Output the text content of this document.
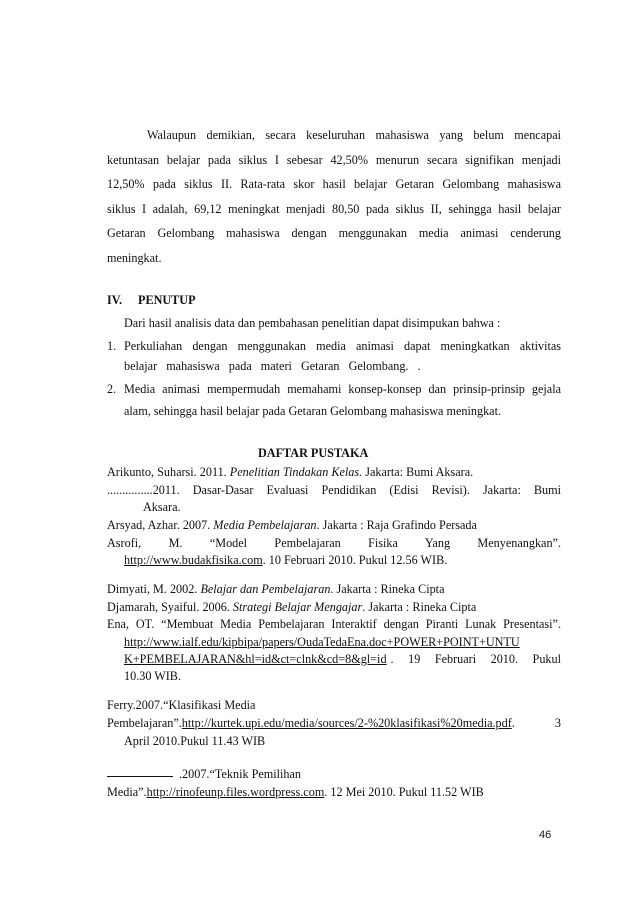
Walaupun demikian, secara keseluruhan mahasiswa yang belum mencapai
ketuntasan belajar pada siklus I sebesar 42,50% menurun secara signifikan menjadi
12,50% pada siklus II. Rata-rata skor hasil belajar Getaran Gelombang mahasiswa
siklus I adalah, 69,12 meningkat menjadi 80,50 pada siklus II, sehingga hasil belajar
Getaran Gelombang mahasiswa dengan menggunakan media animasi cenderung
meningkat.
IV. PENUTUP
Dari hasil analisis data dan pembahasan penelitian dapat disimpukan bahwa :
1. Perkuliahan dengan menggunakan media animasi dapat meningkatkan aktivitas
belajar mahasiswa pada materi Getaran Gelombang. .
2. Media animasi mempermudah memahami konsep-konsep dan prinsip-prinsip gejala
alam, sehingga hasil belajar pada Getaran Gelombang mahasiswa meningkat.
DAFTAR PUSTAKA
Arikunto, Suharsi. 2011. Penelitian Tindakan Kelas. Jakarta: Bumi Aksara.
...............2011. Dasar-Dasar Evaluasi Pendidikan (Edisi Revisi). Jakarta: Bumi
Aksara.
Arsyad, Azhar. 2007. Media Pembelajaran. Jakarta : Raja Grafindo Persada
Asrofi, M. “Model Pembelajaran Fisika Yang Menyenangkan”.
http://www.budakfisika.com. 10 Februari 2010. Pukul 12.56 WIB.
Dimyati, M. 2002. Belajar dan Pembelajaran. Jakarta : Rineka Cipta
Djamarah, Syaiful. 2006. Strategi Belajar Mengajar. Jakarta : Rineka Cipta
Ena, OT. “Membuat Media Pembelajaran Interaktif dengan Piranti Lunak Presentasi”.
http://www.ialf.edu/kipbipa/papers/OudaTedaEna.doc+POWER+POINT+UNTU
K+PEMBELAJARAN&hl=id&ct=clnk&cd=8&gl=id . 19 Februari 2010. Pukul
10.30 WIB.
Ferry.2007.“Klasifikasi Media
Pembelajaran”. http://kurtek.upi.edu/media/sources/2-%20klasifikasi%20media.pdf . 3
April 2010.Pukul 11.43 WIB
.2007.“Teknik Pemilihan
Media”.http://rinofeunp.files.wordpress.com. 12 Mei 2010. Pukul 11.52 WIB
46
